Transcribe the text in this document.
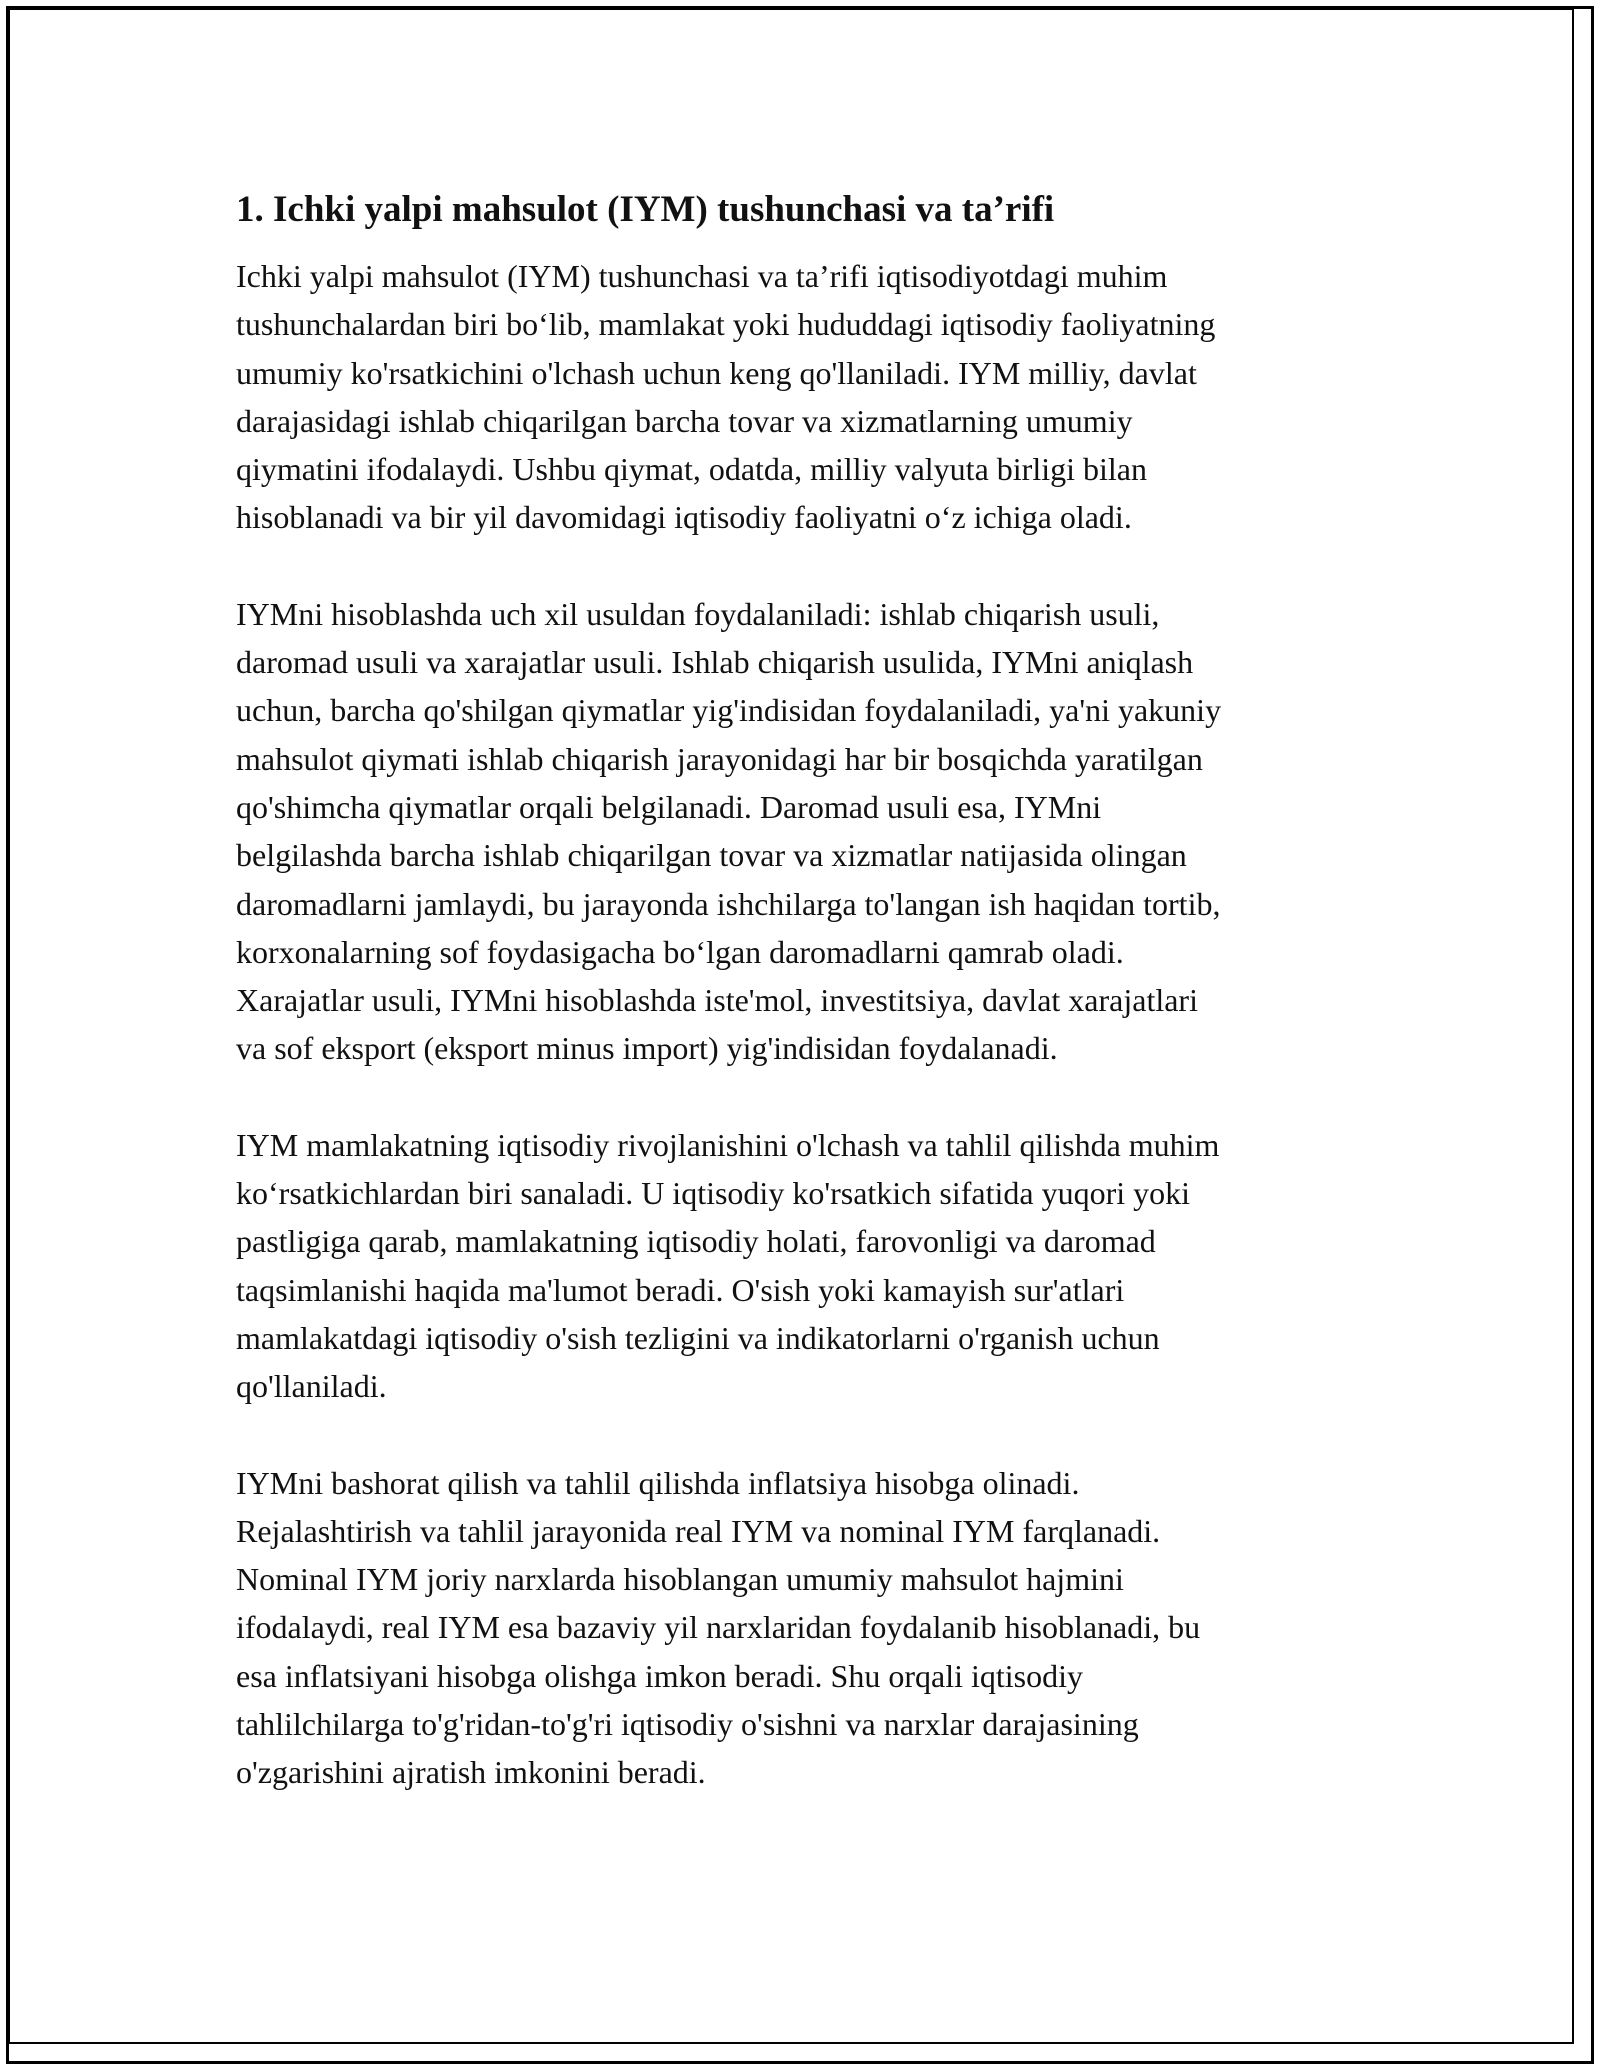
1. Ichki yalpi mahsulot (IYM) tushunchasi va ta’rifi

Ichki yalpi mahsulot (IYM) tushunchasi va ta’rifi iqtisodiyotdagi muhim
tushunchalardan biri bo‘lib, mamlakat yoki hududdagi iqtisodiy faoliyatning
umumiy ko'rsatkichini o'lchash uchun keng qo'llaniladi. IYM milliy, davlat
darajasidagi ishlab chiqarilgan barcha tovar va xizmatlarning umumiy
qiymatini ifodalaydi. Ushbu qiymat, odatda, milliy valyuta birligi bilan
hisoblanadi va bir yil davomidagi iqtisodiy faoliyatni o‘z ichiga oladi.

IYMni hisoblashda uch xil usuldan foydalaniladi: ishlab chiqarish usuli,
daromad usuli va xarajatlar usuli. Ishlab chiqarish usulida, IYMni aniqlash
uchun, barcha qo'shilgan qiymatlar yig'indisidan foydalaniladi, ya'ni yakuniy
mahsulot qiymati ishlab chiqarish jarayonidagi har bir bosqichda yaratilgan
qo'shimcha qiymatlar orqali belgilanadi. Daromad usuli esa, IYMni
belgilashda barcha ishlab chiqarilgan tovar va xizmatlar natijasida olingan
daromadlarni jamlaydi, bu jarayonda ishchilarga to'langan ish haqidan tortib,
korxonalarning sof foydasigacha bo‘lgan daromadlarni qamrab oladi.
Xarajatlar usuli, IYMni hisoblashda iste'mol, investitsiya, davlat xarajatlari
va sof eksport (eksport minus import) yig'indisidan foydalanadi.

IYM mamlakatning iqtisodiy rivojlanishini o'lchash va tahlil qilishda muhim
ko‘rsatkichlardan biri sanaladi. U iqtisodiy ko'rsatkich sifatida yuqori yoki
pastligiga qarab, mamlakatning iqtisodiy holati, farovonligi va daromad
taqsimlanishi haqida ma'lumot beradi. O'sish yoki kamayish sur'atlari
mamlakatdagi iqtisodiy o'sish tezligini va indikatorlarni o'rganish uchun
qo'llaniladi.

IYMni bashorat qilish va tahlil qilishda inflatsiya hisobga olinadi.
Rejalashtirish va tahlil jarayonida real IYM va nominal IYM farqlanadi.
Nominal IYM joriy narxlarda hisoblangan umumiy mahsulot hajmini
ifodalaydi, real IYM esa bazaviy yil narxlaridan foydalanib hisoblanadi, bu
esa inflatsiyani hisobga olishga imkon beradi. Shu orqali iqtisodiy
tahlilchilarga to'g'ridan-to'g'ri iqtisodiy o'sishni va narxlar darajasining
o'zgarishini ajratish imkonini beradi.
